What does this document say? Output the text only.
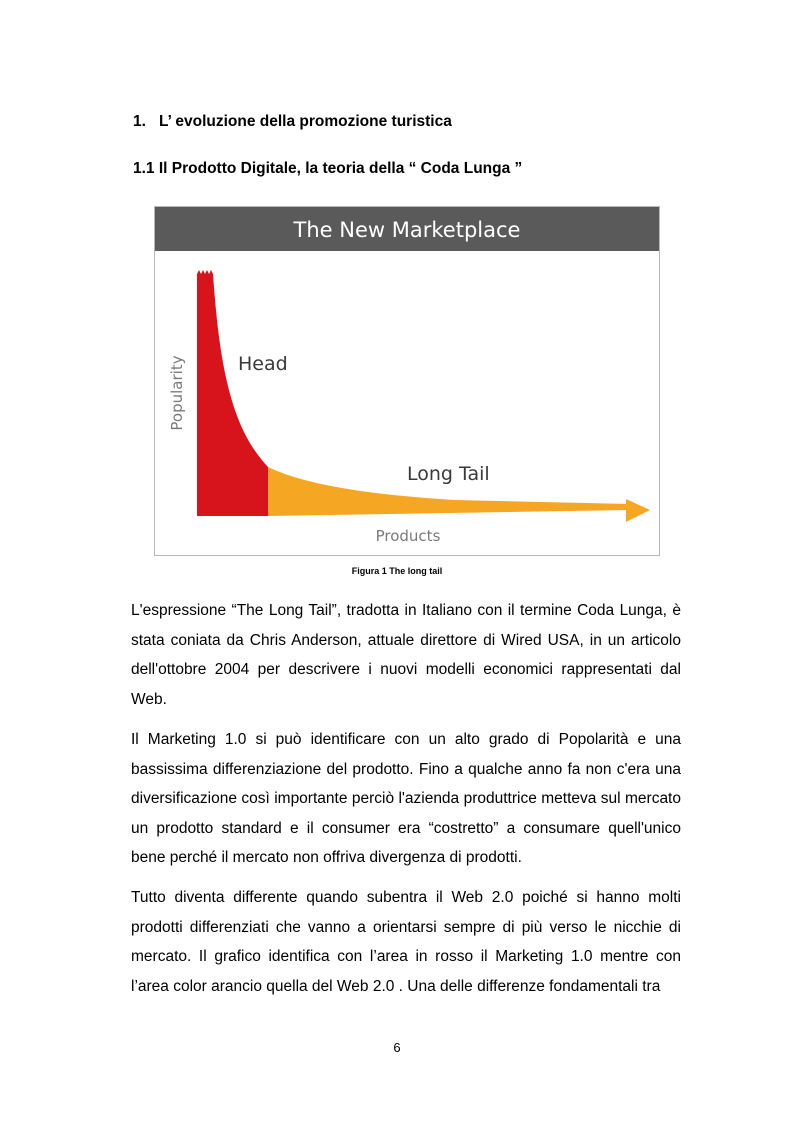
1. L’ evoluzione della promozione turistica

1.1 Il Prodotto Digitale, la teoria della “ Coda Lunga ”

The New Marketplace
Head
Long Tail
Popularity
Products

Figura 1 The long tail

L'espressione “The Long Tail”, tradotta in Italiano con il termine Coda Lunga, è stata coniata da Chris Anderson, attuale direttore di Wired USA, in un articolo dell'ottobre 2004 per descrivere i nuovi modelli economici rappresentati dal Web.

Il Marketing 1.0 si può identificare con un alto grado di Popolarità e una bassissima differenziazione del prodotto. Fino a qualche anno fa non c'era una diversificazione così importante perciò l'azienda produttrice metteva sul mercato un prodotto standard e il consumer era “costretto” a consumare quell'unico bene perché il mercato non offriva divergenza di prodotti.

Tutto diventa differente quando subentra il Web 2.0 poiché si hanno molti prodotti differenziati che vanno a orientarsi sempre di più verso le nicchie di mercato. Il grafico identifica con l’area in rosso il Marketing 1.0 mentre con l’area color arancio quella del Web 2.0 . Una delle differenze fondamentali tra

6
